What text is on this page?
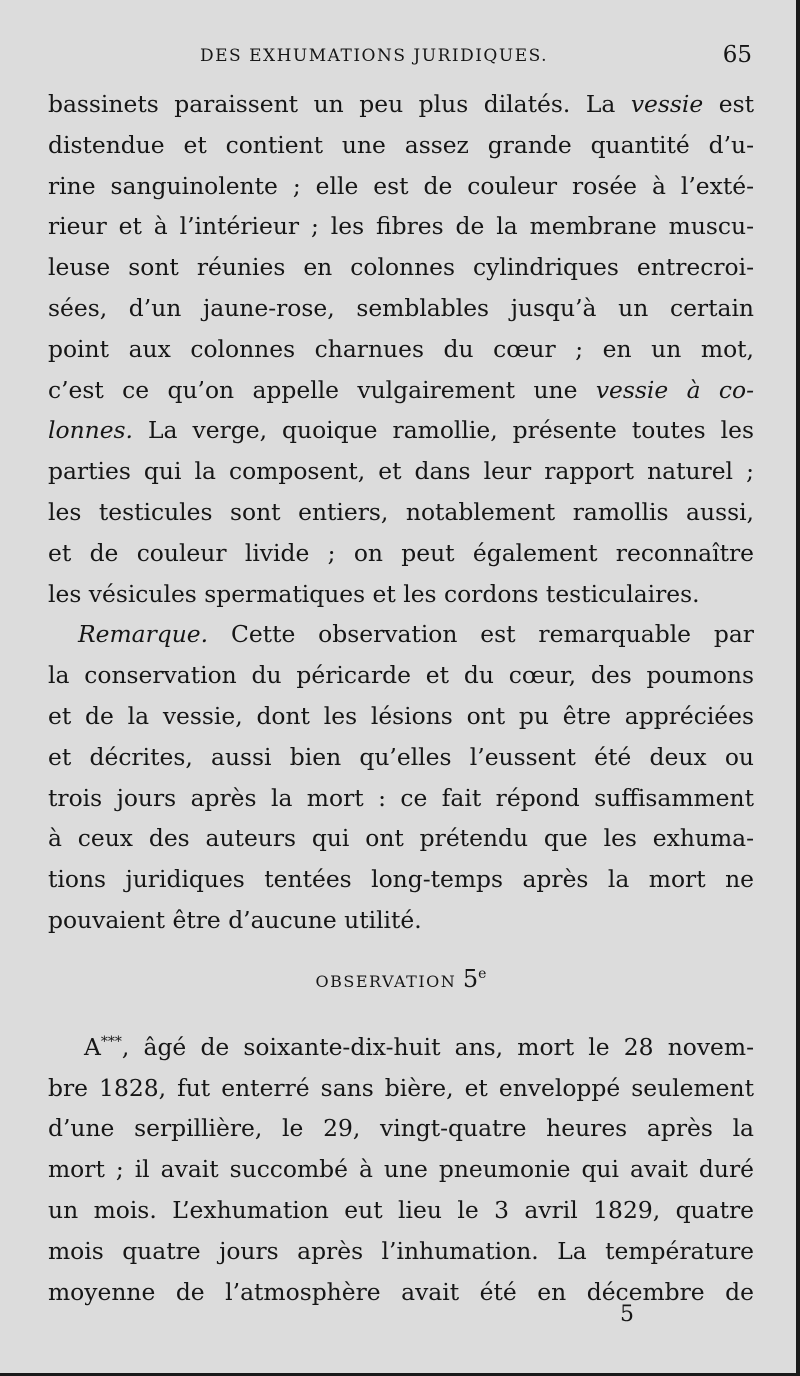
DES EXHUMATIONS JURIDIQUES.	65
bassinets paraissent un peu plus dilatés. La vessie est
distendue et contient une assez grande quantité d’u-
rine sanguinolente ; elle est de couleur rosée à l’exté-
rieur et à l’intérieur ; les fibres de la membrane muscu-
leuse sont réunies en colonnes cylindriques entrecroi-
sées, d’un jaune-rose, semblables jusqu’à un certain
point aux colonnes charnues du cœur ; en un mot,
c’est ce qu’on appelle vulgairement une vessie à co-
lonnes. La verge, quoique ramollie, présente toutes les
parties qui la composent, et dans leur rapport naturel ;
les testicules sont entiers, notablement ramollis aussi,
et de couleur livide ; on peut également reconnaître
les vésicules spermatiques et les cordons testiculaires.
Remarque. Cette observation est remarquable par
la conservation du péricarde et du cœur, des poumons
et de la vessie, dont les lésions ont pu être appréciées
et décrites, aussi bien qu’elles l’eussent été deux ou
trois jours après la mort : ce fait répond suffisamment
à ceux des auteurs qui ont prétendu que les exhuma-
tions juridiques tentées long-temps après la mort ne
pouvaient être d’aucune utilité.
OBSERVATION 5e
A***, âgé de soixante-dix-huit ans, mort le 28 novem-
bre 1828, fut enterré sans bière, et enveloppé seulement
d’une serpillière, le 29, vingt-quatre heures après la
mort ; il avait succombé à une pneumonie qui avait duré
un mois. L’exhumation eut lieu le 3 avril 1829, quatre
mois quatre jours après l’inhumation. La température
moyenne de l’atmosphère avait été en décembre de
5
